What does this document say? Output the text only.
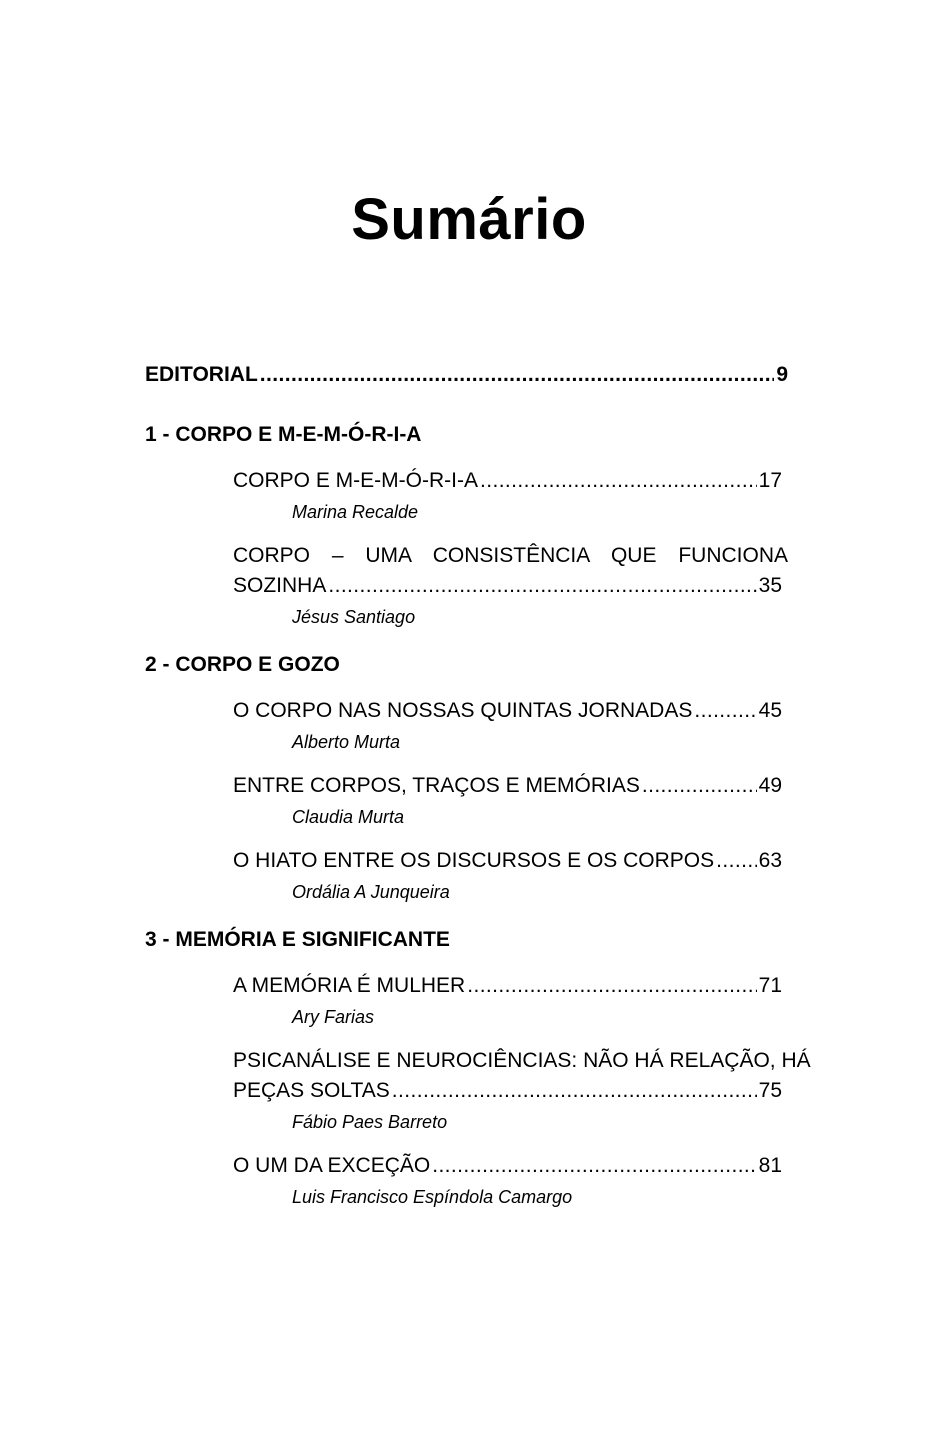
Sumário
EDITORIAL .....	9
1 - CORPO E M-E-M-Ó-R-I-A
CORPO E M-E-M-Ó-R-I-A .....	17
Marina Recalde
CORPO – UMA CONSISTÊNCIA QUE FUNCIONA
SOZINHA .....	35
Jésus Santiago
2 - CORPO E GOZO
O CORPO NAS NOSSAS QUINTAS JORNADAS .....	45
Alberto Murta
ENTRE CORPOS, TRAÇOS E MEMÓRIAS .....	49
Claudia Murta
O HIATO ENTRE OS DISCURSOS E OS CORPOS ..... 63
Ordália A Junqueira
3 - MEMÓRIA E SIGNIFICANTE
A MEMÓRIA É MULHER .....	71
Ary Farias
PSICANÁLISE E NEUROCIÊNCIAS: NÃO HÁ RELAÇÃO, HÁ
PEÇAS SOLTAS .....	75
Fábio Paes Barreto
O UM DA EXCEÇÃO .....	81
Luis Francisco Espíndola Camargo
